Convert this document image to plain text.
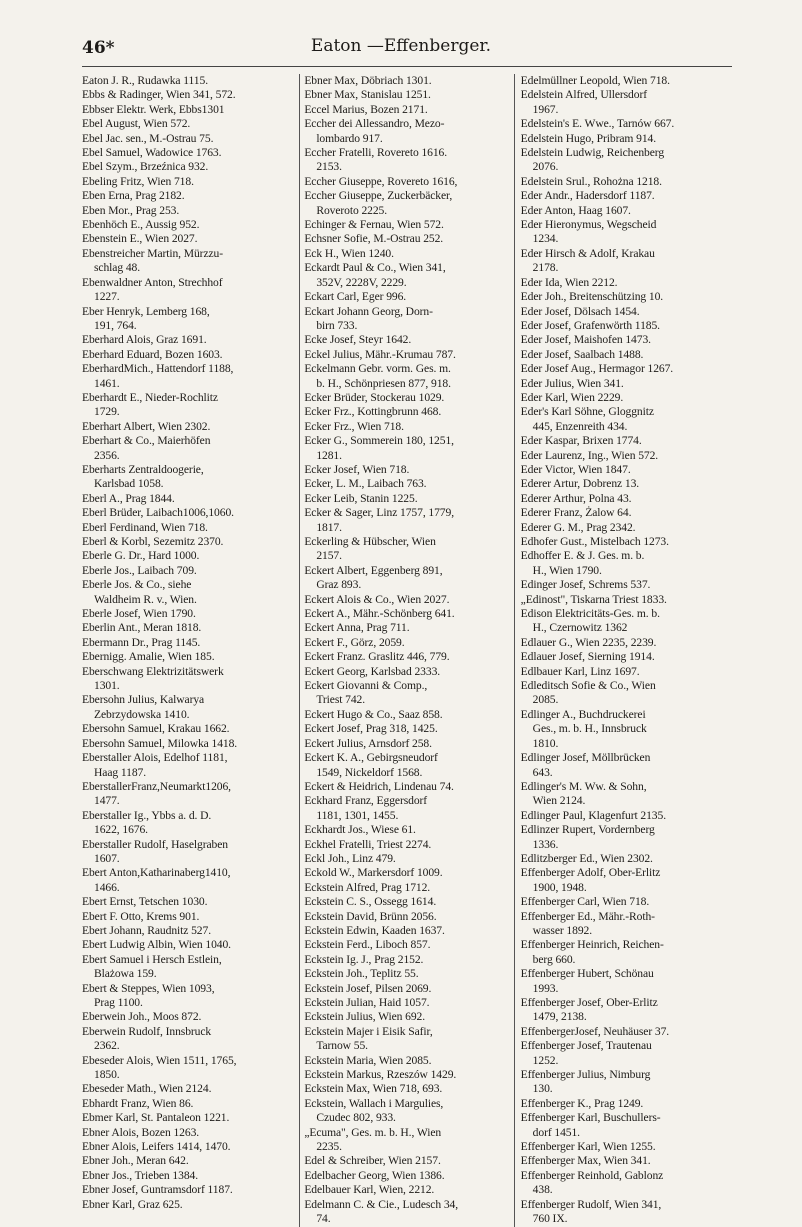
46*	Eaton —Effenberger.
Eaton J. R., Rudawka 1115.
Ebbs & Radinger, Wien 341, 572.
Ebbser Elektr. Werk, Ebbs1301
Ebel August, Wien 572.
Ebel Jac. sen., M.-Ostrau 75.
Ebel Samuel, Wadowice 1763.
Ebel Szym., Brzeźnica 932.
Ebeling Fritz, Wien 718.
Eben Erna, Prag 2182.
Eben Mor., Prag 253.
Ebenhöch E., Aussig 952.
Ebenstein E., Wien 2027.
Ebenstreicher Martin, Mürzzu-
schlag 48.
Ebenwaldner Anton, Strechhof
1227.
Eber Henryk, Lemberg 168,
191, 764.
Eberhard Alois, Graz 1691.
Eberhard Eduard, Bozen 1603.
EberhardMich., Hattendorf 1188,
1461.
Eberhardt E., Nieder-Rochlitz
1729.
Eberhart Albert, Wien 2302.
Eberhart & Co., Maierhöfen
2356.
Eberharts Zentraldoogerie,
Karlsbad 1058.
Eberl A., Prag 1844.
Eberl Brüder, Laibach1006,1060.
Eberl Ferdinand, Wien 718.
Eberl & Korbl, Sezemitz 2370.
Eberle G. Dr., Hard 1000.
Eberle Jos., Laibach 709.
Eberle Jos. & Co., siehe
Waldheim R. v., Wien.
Eberle Josef, Wien 1790.
Eberlin Ant., Meran 1818.
Ebermann Dr., Prag 1145.
Ebernigg. Amalie, Wien 185.
Eberschwang Elektrizitätswerk
1301.
Ebersohn Julius, Kalwarya
Zebrzydowska 1410.
Ebersohn Samuel, Krakau 1662.
Ebersohn Samuel, Milowka 1418.
Eberstaller Alois, Edelhof 1181,
Haag 1187.
EberstallerFranz,Neumarkt1206,
1477.
Eberstaller Ig., Ybbs a. d. D.
1622, 1676.
Eberstaller Rudolf, Haselgraben
1607.
Ebert Anton,Katharinaberg1410,
1466.
Ebert Ernst, Tetschen 1030.
Ebert F. Otto, Krems 901.
Ebert Johann, Raudnitz 527.
Ebert Ludwig Albin, Wien 1040.
Ebert Samuel i Hersch Estlein,
Blażowa 159.
Ebert & Steppes, Wien 1093,
Prag 1100.
Eberwein Joh., Moos 872.
Eberwein Rudolf, Innsbruck
2362.
Ebeseder Alois, Wien 1511, 1765,
1850.
Ebeseder Math., Wien 2124.
Ebhardt Franz, Wien 86.
Ebmer Karl, St. Pantaleon 1221.
Ebner Alois, Bozen 1263.
Ebner Alois, Leifers 1414, 1470.
Ebner Joh., Meran 642.
Ebner Jos., Trieben 1384.
Ebner Josef, Guntramsdorf 1187.
Ebner Karl, Graz 625.
Ebner Max, Döbriach 1301.
Ebner Max, Stanislau 1251.
Eccel Marius, Bozen 2171.
Eccher dei Allessandro, Mezo-
lombardo 917.
Eccher Fratelli, Rovereto 1616.
2153.
Eccher Giuseppe, Rovereto 1616,
Eccher Giuseppe, Zuckerbäcker,
Roveroto 2225.
Echinger & Fernau, Wien 572.
Echsner Sofie, M.-Ostrau 252.
Eck H., Wien 1240.
Eckardt Paul & Co., Wien 341,
352V, 2228V, 2229.
Eckart Carl, Eger 996.
Eckart Johann Georg, Dorn-
birn 733.
Ecke Josef, Steyr 1642.
Eckel Julius, Mähr.-Krumau 787.
Eckelmann Gebr. vorm. Ges. m.
b. H., Schönpriesen 877, 918.
Ecker Brüder, Stockerau 1029.
Ecker Frz., Kottingbrunn 468.
Ecker Frz., Wien 718.
Ecker G., Sommerein 180, 1251,
1281.
Ecker Josef, Wien 718.
Ecker, L. M., Laibach 763.
Ecker Leib, Stanin 1225.
Ecker & Sager, Linz 1757, 1779,
1817.
Eckerling & Hübscher, Wien
2157.
Eckert Albert, Eggenberg 891,
Graz 893.
Eckert Alois & Co., Wien 2027.
Eckert A., Mähr.-Schönberg 641.
Eckert Anna, Prag 711.
Eckert F., Görz, 2059.
Eckert Franz. Graslitz 446, 779.
Eckert Georg, Karlsbad 2333.
Eckert Giovanni & Comp.,
Triest 742.
Eckert Hugo & Co., Saaz 858.
Eckert Josef, Prag 318, 1425.
Eckert Julius, Arnsdorf 258.
Eckert K. A., Gebirgsneudorf
1549, Nickeldorf 1568.
Eckert & Heidrich, Lindenau 74.
Eckhard Franz, Eggersdorf
1181, 1301, 1455.
Eckhardt Jos., Wiese 61.
Eckhel Fratelli, Triest 2274.
Eckl Joh., Linz 479.
Eckold W., Markersdorf 1009.
Eckstein Alfred, Prag 1712.
Eckstein C. S., Ossegg 1614.
Eckstein David, Brünn 2056.
Eckstein Edwin, Kaaden 1637.
Eckstein Ferd., Liboch 857.
Eckstein Ig. J., Prag 2152.
Eckstein Joh., Teplitz 55.
Eckstein Josef, Pilsen 2069.
Eckstein Julian, Haid 1057.
Eckstein Julius, Wien 692.
Eckstein Majer i Eisik Safir,
Tarnow 55.
Eckstein Maria, Wien 2085.
Eckstein Markus, Rzeszów 1429.
Eckstein Max, Wien 718, 693.
Eckstein, Wallach i Margulies,
Czudec 802, 933.
„Ecuma", Ges. m. b. H., Wien
2235.
Edel & Schreiber, Wien 2157.
Edelbacher Georg, Wien 1386.
Edelbauer Karl, Wien, 2212.
Edelmann C. & Cie., Ludesch 34,
74.
Edelmüllner Leopold, Wien 718.
Edelstein Alfred, Ullersdorf
1967.
Edelstein's E. Wwe., Tarnów 667.
Edelstein Hugo, Pribram 914.
Edelstein Ludwig, Reichenberg
2076.
Edelstein Srul., Rohożna 1218.
Eder Andr., Hadersdorf 1187.
Eder Anton, Haag 1607.
Eder Hieronymus, Wegscheid
1234.
Eder Hirsch & Adolf, Krakau
2178.
Eder Ida, Wien 2212.
Eder Joh., Breitenschützing 10.
Eder Josef, Dölsach 1454.
Eder Josef, Grafenwörth 1185.
Eder Josef, Maishofen 1473.
Eder Josef, Saalbach 1488.
Eder Josef Aug., Hermagor 1267.
Eder Julius, Wien 341.
Eder Karl, Wien 2229.
Eder's Karl Söhne, Gloggnitz
445, Enzenreith 434.
Eder Kaspar, Brixen 1774.
Eder Laurenz, Ing., Wien 572.
Eder Victor, Wien 1847.
Ederer Artur, Dobrenz 13.
Ederer Arthur, Polna 43.
Ederer Franz, Żalow 64.
Ederer G. M., Prag 2342.
Edhofer Gust., Mistelbach 1273.
Edhoffer E. & J. Ges. m. b.
H., Wien 1790.
Edinger Josef, Schrems 537.
„Edinost", Tiskarna Triest 1833.
Edison Elektricitäts-Ges. m. b.
H., Czernowitz 1362
Edlauer G., Wien 2235, 2239.
Edlauer Josef, Sierning 1914.
Edlbauer Karl, Linz 1697.
Edleditsch Sofie & Co., Wien
2085.
Edlinger A., Buchdruckerei
Ges., m. b. H., Innsbruck
1810.
Edlinger Josef, Möllbrücken
643.
Edlinger's M. Ww. & Sohn,
Wien 2124.
Edlinger Paul, Klagenfurt 2135.
Edlinzer Rupert, Vordernberg
1336.
Edlitzberger Ed., Wien 2302.
Effenberger Adolf, Ober-Erlitz
1900, 1948.
Effenberger Carl, Wien 718.
Effenberger Ed., Mähr.-Roth-
wasser 1892.
Effenberger Heinrich, Reichen-
berg 660.
Effenberger Hubert, Schönau
1993.
Effenberger Josef, Ober-Erlitz
1479, 2138.
EffenbergerJosef, Neuhäuser 37.
Effenberger Josef, Trautenau
1252.
Effenberger Julius, Nimburg
130.
Effenberger K., Prag 1249.
Effenberger Karl, Buschullers-
dorf 1451.
Effenberger Karl, Wien 1255.
Effenberger Max, Wien 341.
Effenberger Reinhold, Gablonz
438.
Effenberger Rudolf, Wien 341,
760 IX.
